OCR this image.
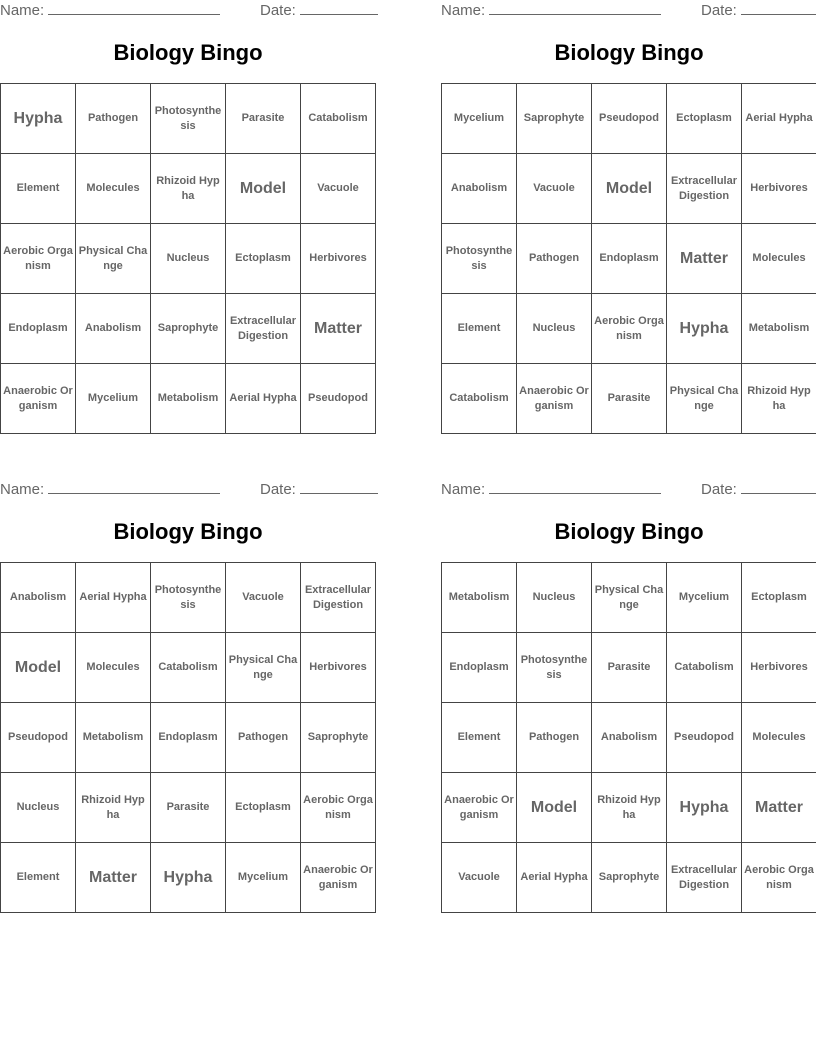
Name:	Date:
Biology Bingo
Hypha	Pathogen	Photosynthesis	Parasite	Catabolism
Element	Molecules	Rhizoid Hypha	Model	Vacuole
Aerobic Organism	Physical Change	Nucleus	Ectoplasm	Herbivores
Endoplasm	Anabolism	Saprophyte	Extracellular Digestion	Matter
Anaerobic Organism	Mycelium	Metabolism	Aerial Hypha	Pseudopod
Name:	Date:
Biology Bingo
Mycelium	Saprophyte	Pseudopod	Ectoplasm	Aerial Hypha
Anabolism	Vacuole	Model	Extracellular Digestion	Herbivores
Photosynthesis	Pathogen	Endoplasm	Matter	Molecules
Element	Nucleus	Aerobic Organism	Hypha	Metabolism
Catabolism	Anaerobic Organism	Parasite	Physical Change	Rhizoid Hypha
Name:	Date:
Biology Bingo
Anabolism	Aerial Hypha	Photosynthesis	Vacuole	Extracellular Digestion
Model	Molecules	Catabolism	Physical Change	Herbivores
Pseudopod	Metabolism	Endoplasm	Pathogen	Saprophyte
Nucleus	Rhizoid Hypha	Parasite	Ectoplasm	Aerobic Organism
Element	Matter	Hypha	Mycelium	Anaerobic Organism
Name:	Date:
Biology Bingo
Metabolism	Nucleus	Physical Change	Mycelium	Ectoplasm
Endoplasm	Photosynthesis	Parasite	Catabolism	Herbivores
Element	Pathogen	Anabolism	Pseudopod	Molecules
Anaerobic Organism	Model	Rhizoid Hypha	Hypha	Matter
Vacuole	Aerial Hypha	Saprophyte	Extracellular Digestion	Aerobic Organism
